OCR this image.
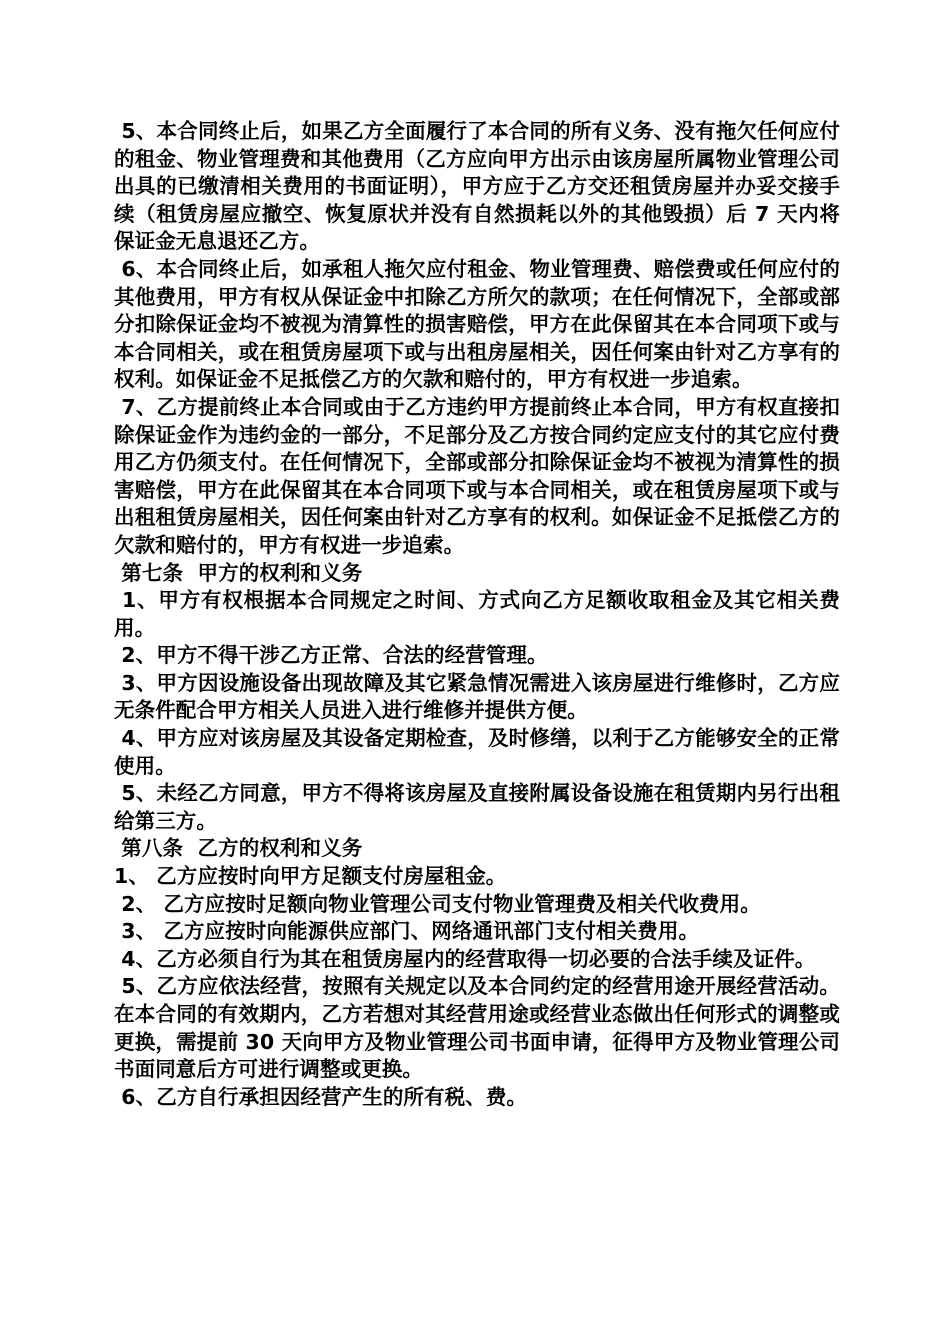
5、本合同终止后，如果乙方全面履行了本合同的所有义务、没有拖欠任何应付的租金、物业管理费和其他费用（乙方应向甲方出示由该房屋所属物业管理公司出具的已缴清相关费用的书面证明），甲方应于乙方交还租赁房屋并办妥交接手续（租赁房屋应撤空、恢复原状并没有自然损耗以外的其他毁损）后 7 天内将保证金无息退还乙方。

6、本合同终止后，如承租人拖欠应付租金、物业管理费、赔偿费或任何应付的其他费用，甲方有权从保证金中扣除乙方所欠的款项；在任何情况下，全部或部分扣除保证金均不被视为清算性的损害赔偿，甲方在此保留其在本合同项下或与本合同相关，或在租赁房屋项下或与出租房屋相关，因任何案由针对乙方享有的权利。如保证金不足抵偿乙方的欠款和赔付的，甲方有权进一步追索。

7、乙方提前终止本合同或由于乙方违约甲方提前终止本合同，甲方有权直接扣除保证金作为违约金的一部分，不足部分及乙方按合同约定应支付的其它应付费用乙方仍须支付。在任何情况下，全部或部分扣除保证金均不被视为清算性的损害赔偿，甲方在此保留其在本合同项下或与本合同相关，或在租赁房屋项下或与出租租赁房屋相关，因任何案由针对乙方享有的权利。如保证金不足抵偿乙方的欠款和赔付的，甲方有权进一步追索。

第七条  甲方的权利和义务

1、甲方有权根据本合同规定之时间、方式向乙方足额收取租金及其它相关费用。

2、甲方不得干涉乙方正常、合法的经营管理。

3、甲方因设施设备出现故障及其它紧急情况需进入该房屋进行维修时，乙方应无条件配合甲方相关人员进入进行维修并提供方便。

4、甲方应对该房屋及其设备定期检查，及时修缮，以利于乙方能够安全的正常使用。

5、未经乙方同意，甲方不得将该房屋及直接附属设备设施在租赁期内另行出租给第三方。

第八条  乙方的权利和义务

1、 乙方应按时向甲方足额支付房屋租金。

2、 乙方应按时足额向物业管理公司支付物业管理费及相关代收费用。

3、 乙方应按时向能源供应部门、网络通讯部门支付相关费用。

4、乙方必须自行为其在租赁房屋内的经营取得一切必要的合法手续及证件。

5、乙方应依法经营，按照有关规定以及本合同约定的经营用途开展经营活动。在本合同的有效期内，乙方若想对其经营用途或经营业态做出任何形式的调整或更换，需提前 30 天向甲方及物业管理公司书面申请，征得甲方及物业管理公司书面同意后方可进行调整或更换。

6、乙方自行承担因经营产生的所有税、费。
